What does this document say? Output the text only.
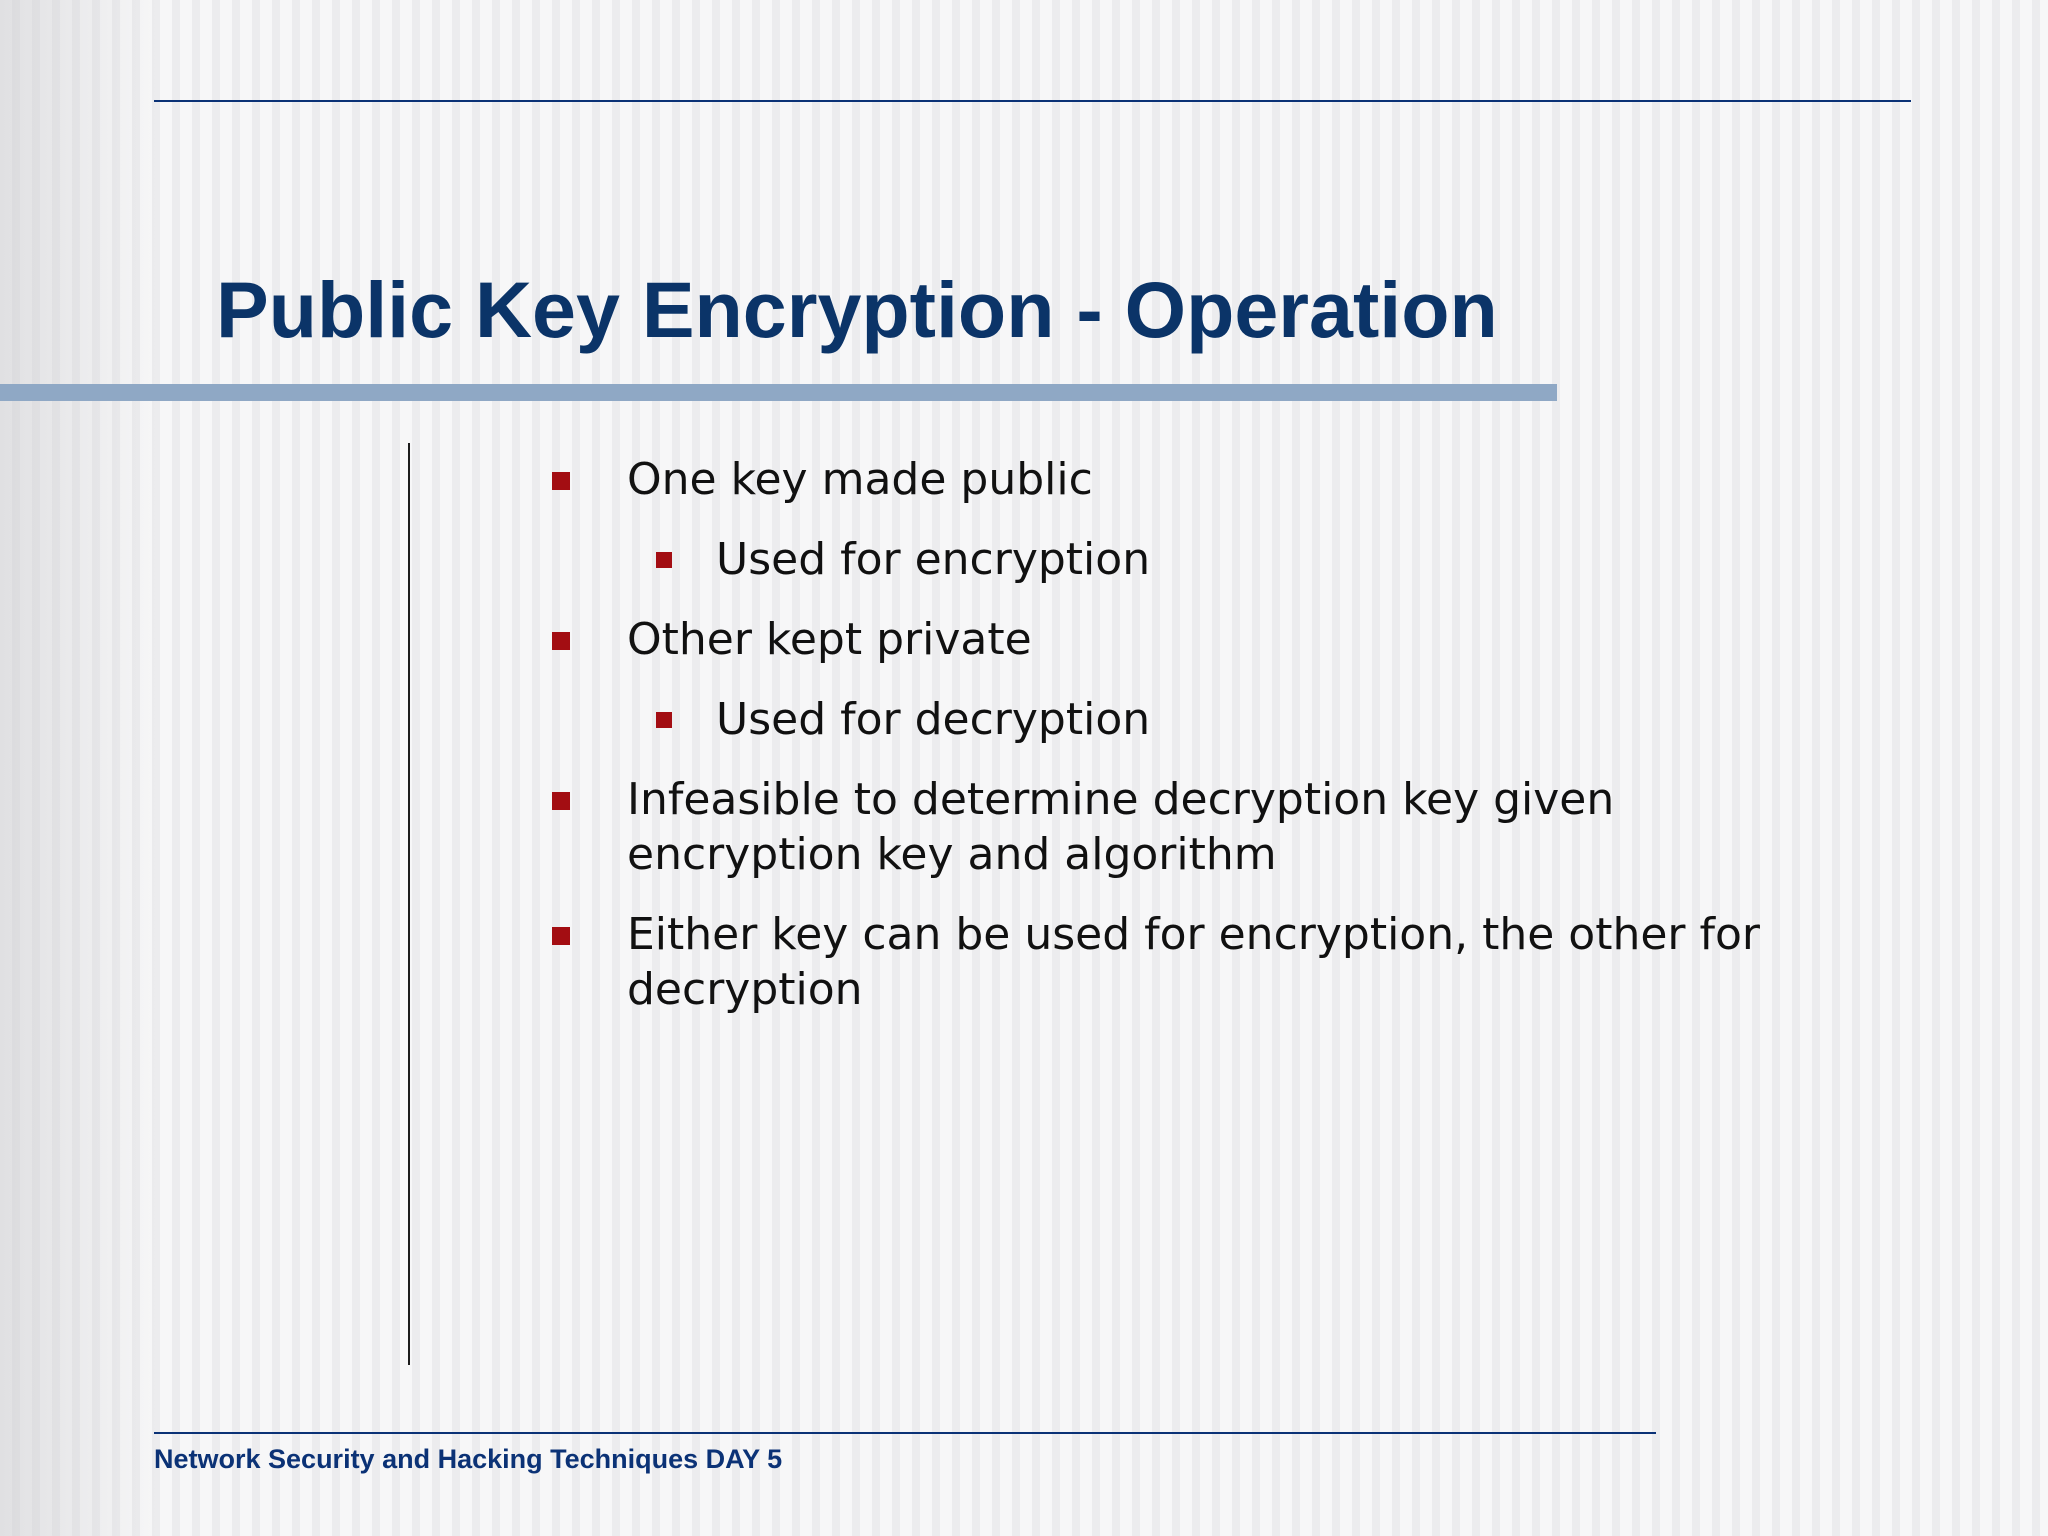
Public Key Encryption - Operation
One key made public
Used for encryption
Other kept private
Used for decryption
Infeasible to determine decryption key given encryption key and algorithm
Either key can be used for encryption, the other for decryption

Network Security and Hacking Techniques DAY 5
